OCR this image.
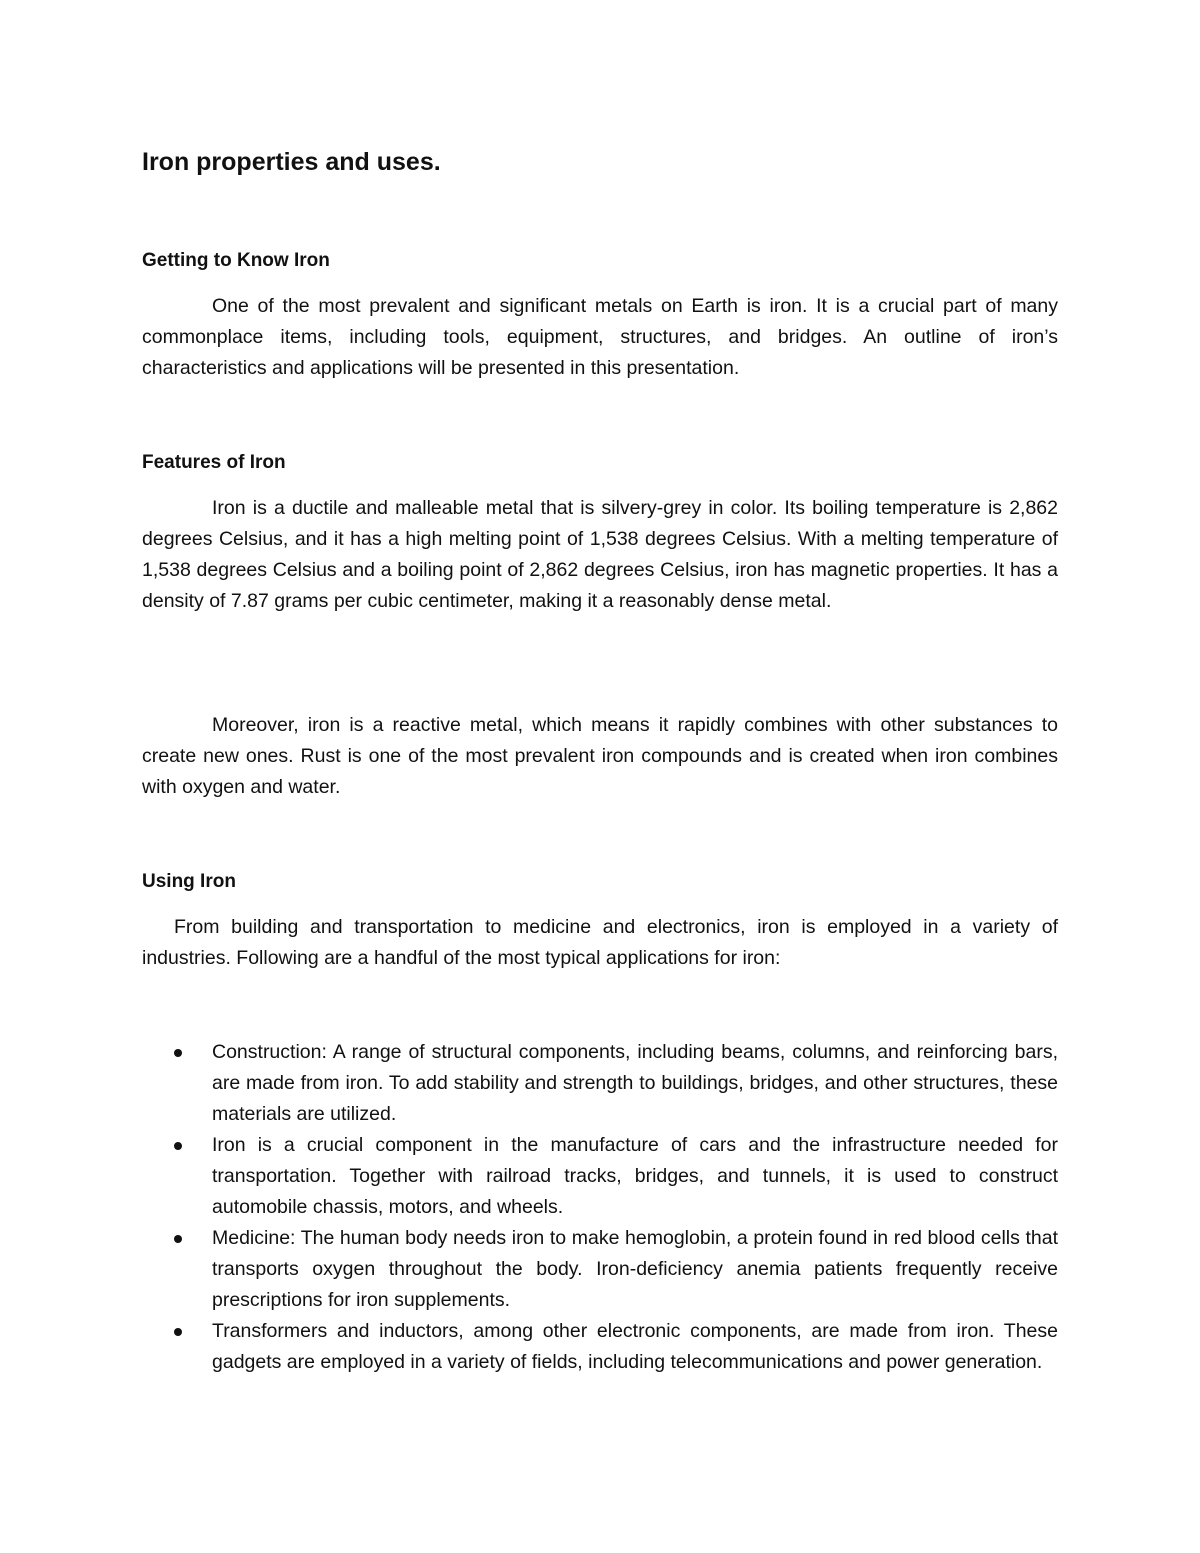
Iron properties and uses.
Getting to Know Iron

One of the most prevalent and significant metals on Earth is iron. It is a crucial part of many commonplace items, including tools, equipment, structures, and bridges. An outline of iron’s characteristics and applications will be presented in this presentation.

Features of Iron

Iron is a ductile and malleable metal that is silvery-grey in color. Its boiling temperature is 2,862 degrees Celsius, and it has a high melting point of 1,538 degrees Celsius. With a melting temperature of 1,538 degrees Celsius and a boiling point of 2,862 degrees Celsius, iron has magnetic properties. It has a density of 7.87 grams per cubic centimeter, making it a reasonably dense metal.

Moreover, iron is a reactive metal, which means it rapidly combines with other substances to create new ones. Rust is one of the most prevalent iron compounds and is created when iron combines with oxygen and water.

Using Iron

From building and transportation to medicine and electronics, iron is employed in a variety of industries. Following are a handful of the most typical applications for iron:

Construction: A range of structural components, including beams, columns, and reinforcing bars, are made from iron. To add stability and strength to buildings, bridges, and other structures, these materials are utilized.
Iron is a crucial component in the manufacture of cars and the infrastructure needed for transportation. Together with railroad tracks, bridges, and tunnels, it is used to construct automobile chassis, motors, and wheels.
Medicine: The human body needs iron to make hemoglobin, a protein found in red blood cells that transports oxygen throughout the body. Iron-deficiency anemia patients frequently receive prescriptions for iron supplements.
Transformers and inductors, among other electronic components, are made from iron. These gadgets are employed in a variety of fields, including telecommunications and power generation.
